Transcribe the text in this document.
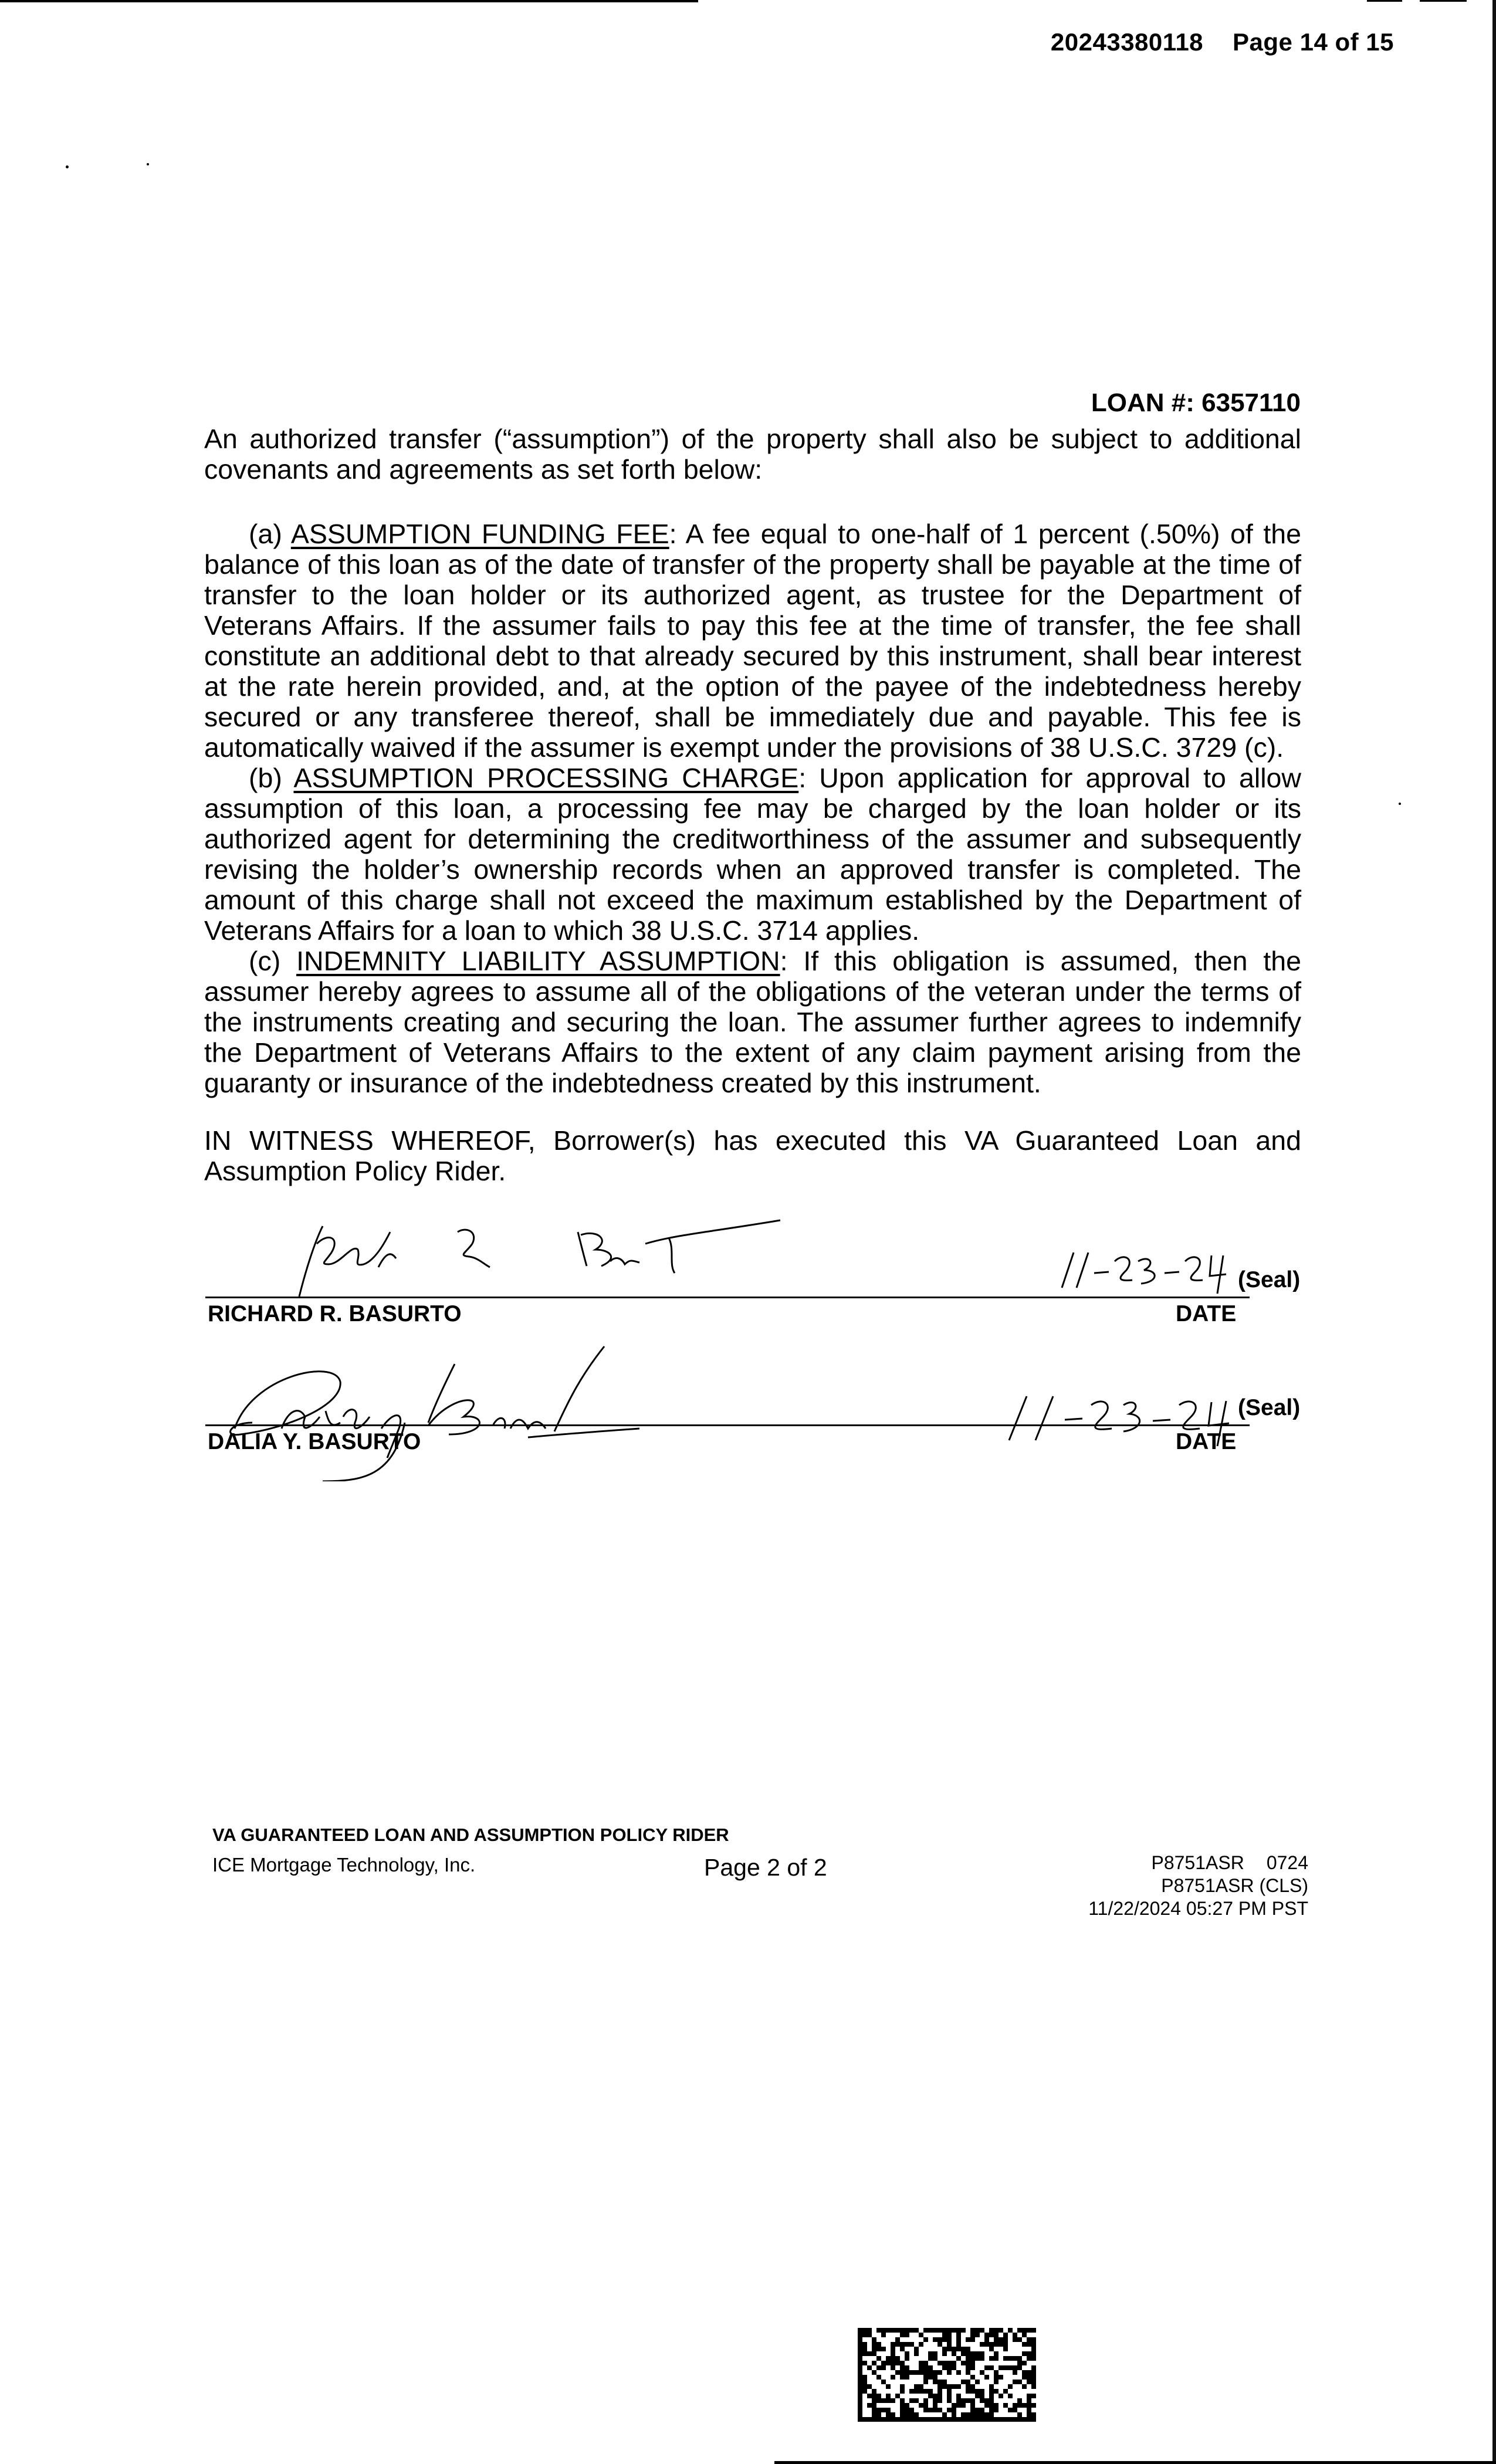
20243380118 Page 14 of 15
LOAN #: 6357110

An authorized transfer (“assumption”) of the property shall also be subject to additional covenants and agreements as set forth below:

(a) ASSUMPTION FUNDING FEE: A fee equal to one-half of 1 percent (.50%) of the balance of this loan as of the date of transfer of the property shall be payable at the time of transfer to the loan holder or its authorized agent, as trustee for the Department of Veterans Affairs. If the assumer fails to pay this fee at the time of transfer, the fee shall constitute an additional debt to that already secured by this instrument, shall bear interest at the rate herein provided, and, at the option of the payee of the indebtedness hereby secured or any transferee thereof, shall be immediately due and payable. This fee is automatically waived if the assumer is exempt under the provisions of 38 U.S.C. 3729 (c).

(b) ASSUMPTION PROCESSING CHARGE: Upon application for approval to allow assumption of this loan, a processing fee may be charged by the loan holder or its authorized agent for determining the creditworthiness of the assumer and subsequently revising the holder’s ownership records when an approved transfer is completed. The amount of this charge shall not exceed the maximum established by the Department of Veterans Affairs for a loan to which 38 U.S.C. 3714 applies.

(c) INDEMNITY LIABILITY ASSUMPTION: If this obligation is assumed, then the assumer hereby agrees to assume all of the obligations of the veteran under the terms of the instruments creating and securing the loan. The assumer further agrees to indemnify the Department of Veterans Affairs to the extent of any claim payment arising from the guaranty or insurance of the indebtedness created by this instrument.

IN WITNESS WHEREOF, Borrower(s) has executed this VA Guaranteed Loan and Assumption Policy Rider.

(Seal)
RICHARD R. BASURTO	DATE
(Seal)
DALIA Y. BASURTO	DATE
VA GUARANTEED LOAN AND ASSUMPTION POLICY RIDER
ICE Mortgage Technology, Inc.	Page 2 of 2	P8751ASR 0724
P8751ASR (CLS)
11/22/2024 05:27 PM PST
